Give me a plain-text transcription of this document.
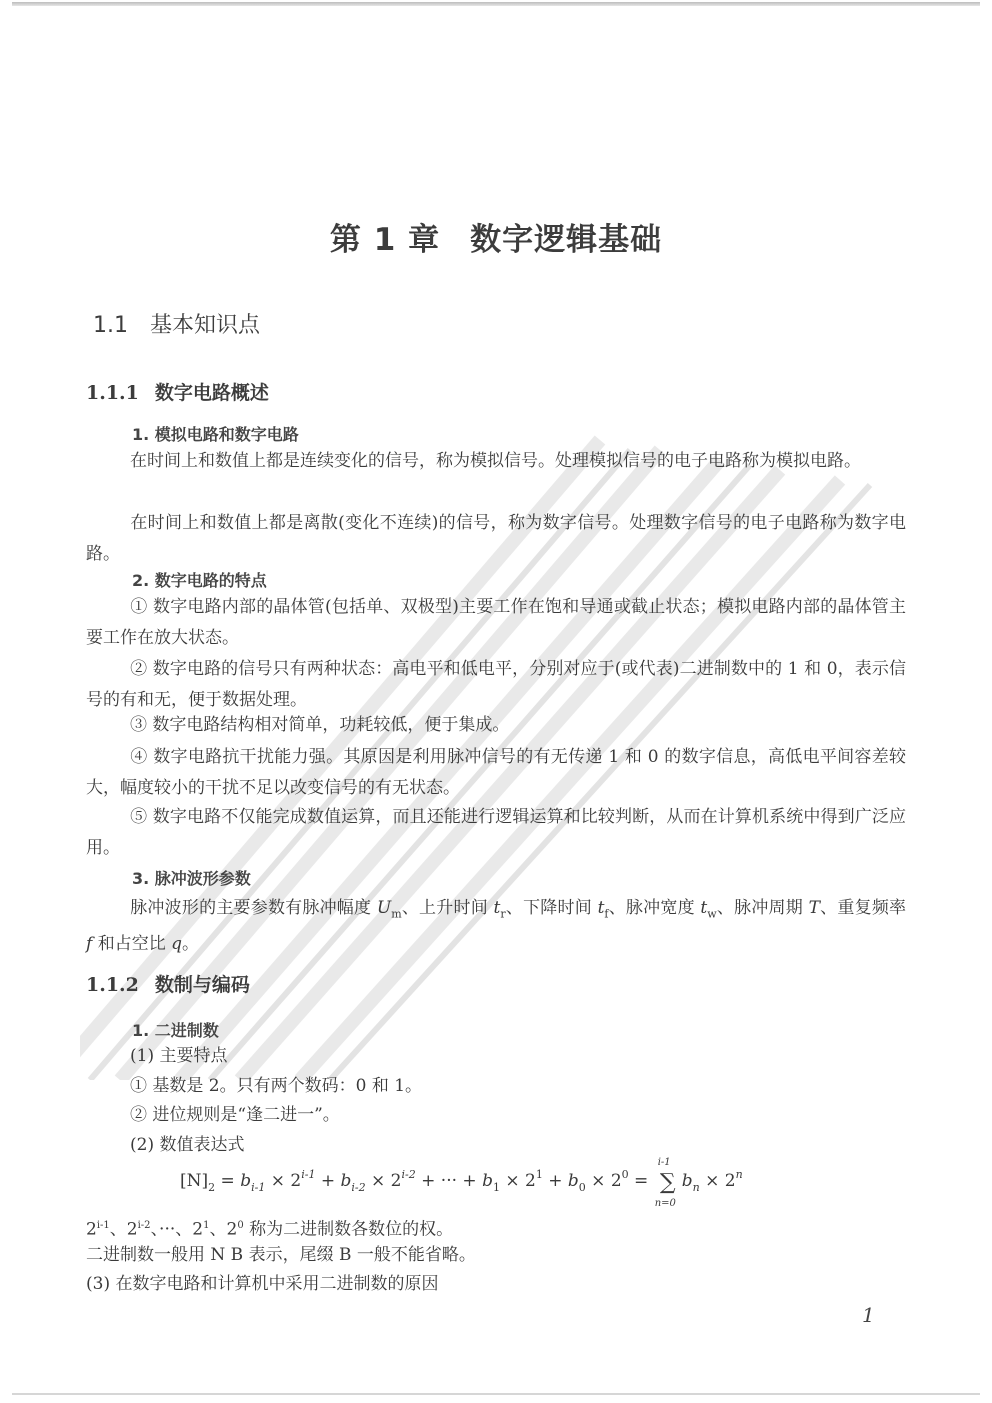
第 1 章 数字逻辑基础
1.1 基本知识点
1.1.1 数字电路概述
1. 模拟电路和数字电路
在时间上和数值上都是连续变化的信号，称为模拟信号。处理模拟信号的电子电路称为模拟电路。
在时间上和数值上都是离散(变化不连续)的信号，称为数字信号。处理数字信号的电子电路称为数字电路。
2. 数字电路的特点
① 数字电路内部的晶体管(包括单、双极型)主要工作在饱和导通或截止状态；模拟电路内部的晶体管主要工作在放大状态。
② 数字电路的信号只有两种状态：高电平和低电平，分别对应于(或代表)二进制数中的 1 和 0，表示信号的有和无，便于数据处理。
③ 数字电路结构相对简单，功耗较低，便于集成。
④ 数字电路抗干扰能力强。其原因是利用脉冲信号的有无传递 1 和 0 的数字信息，高低电平间容差较大，幅度较小的干扰不足以改变信号的有无状态。
⑤ 数字电路不仅能完成数值运算，而且还能进行逻辑运算和比较判断，从而在计算机系统中得到广泛应用。
3. 脉冲波形参数
脉冲波形的主要参数有脉冲幅度 $U_m$、上升时间 $t_r$、下降时间 $t_f$、脉冲宽度 $t_w$、脉冲周期 T、重复频率 f 和占空比 q。
1.1.2 数制与编码
1. 二进制数
(1) 主要特点
① 基数是 2。只有两个数码：0 和 1。
② 进位规则是“逢二进一”。
(2) 数值表达式
$[N]_2 = b_{i-1} \times 2^{i-1} + b_{i-2} \times 2^{i-2}$ + ··· + $b_1 \times 2^1 + b_0 \times 2^0$ =
i-1
∑
n=0
$b_n \times 2^n$
2$^{i-1}$、$2^{i-2}$、···、$2^1$、$2^0$ 称为二进制数各数位的权。
二进制数一般用 N B 表示，尾缀 B 一般不能省略。
(3) 在数字电路和计算机中采用二进制数的原因
1
